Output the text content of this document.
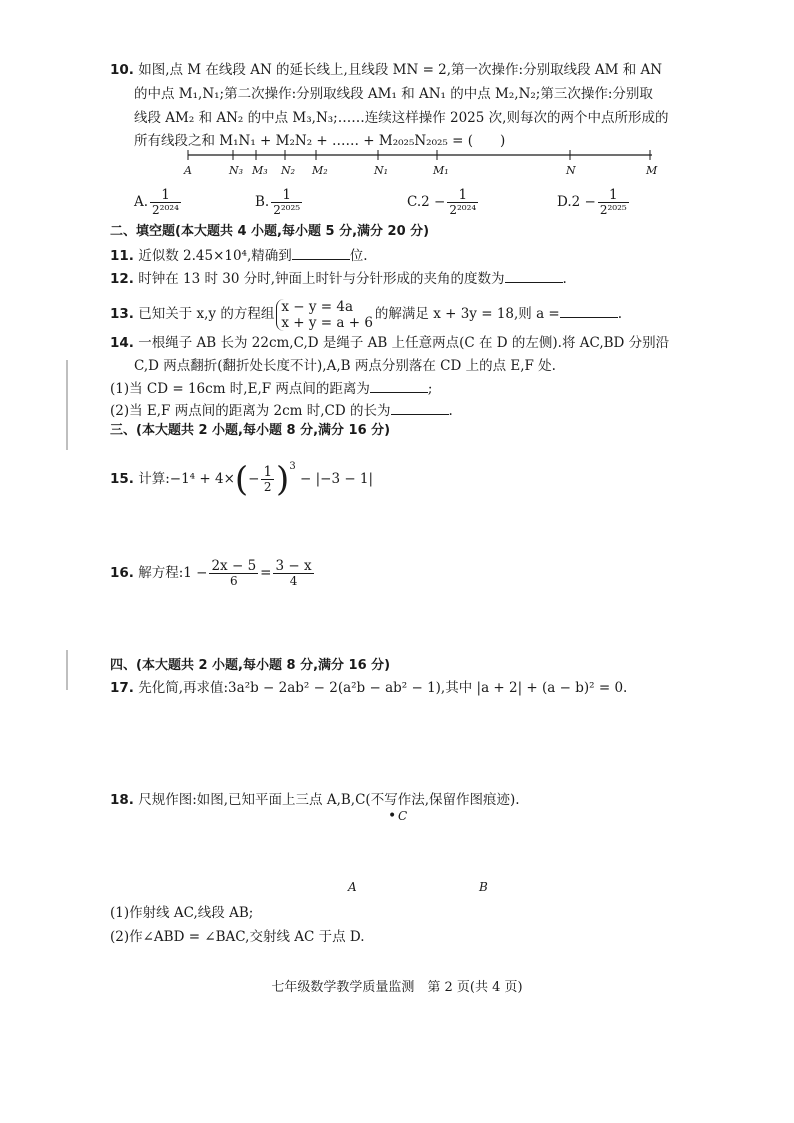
10. 如图,点 M 在线段 AN 的延长线上,且线段 MN = 2,第一次操作:分别取线段 AM 和 AN
的中点 M₁,N₁;第二次操作:分别取线段 AM₁ 和 AN₁ 的中点 M₂,N₂;第三次操作:分别取
线段 AM₂ 和 AN₂ 的中点 M₃,N₃;……连续这样操作 2025 次,则每次的两个中点所形成的
所有线段之和 M₁N₁ + M₂N₂ + …… + M₂₀₂₅N₂₀₂₅ = (　　)
A	N₃ M₃ N₂ M₂	N₁	M₁	N	M
A. $\frac{1}{\text{2²⁰²⁴}}$	B. $\frac{1}{\text{2²⁰²⁵}}$	$C.2 - \frac{1}{\text{2²⁰²⁴}}$	$D.2 - \frac{1}{\text{2²⁰²⁵}}$
二、填空题(本大题共 4 小题,每小题 5 分,满分 20 分)
11. 近似数 2.45×10⁴,精确到	位.
12. 时钟在 13 时 30 分时,钟面上时针与分针形成的夹角的度数为	.
13. 已知关于 x,y 的方程组 x − y = 4a
x + y = a + 6
的解满足 x + 3y = 18,则 a =	.
14. 一根绳子 AB 长为 22cm,C,D 是绳子 AB 上任意两点(C 在 D 的左侧).将 AC,BD 分别沿
C,D 两点翻折(翻折处长度不计),A,B 两点分别落在 CD 上的点 E,F 处.
(1)当 CD = 16cm 时,E,F 两点间的距离为	;
(2)当 E,F 两点间的距离为 2cm 时,CD 的长为	.
三、(本大题共 2 小题,每小题 8 分,满分 16 分)
15. 计算:−1⁴ + $4\times(- \frac{1}{2} )^3 - |-3 - 1|$
16. 解方程:1 − $\frac{2x - 5}{6} = \frac{3 - x}{4}$
四、(本大题共 2 小题,每小题 8 分,满分 16 分)
17. 先化简,再求值:3a²b − 2ab² − 2(a²b − ab² − 1),其中 |a + 2| + (a − b)² = 0.
18. 尺规作图:如图,已知平面上三点 A,B,C(不写作法,保留作图痕迹).
• C
A	B
(1)作射线 AC,线段 AB;
(2)作∠ABD = ∠BAC,交射线 AC 于点 D.
七年级数学教学质量监测　第 2 页(共 4 页)
